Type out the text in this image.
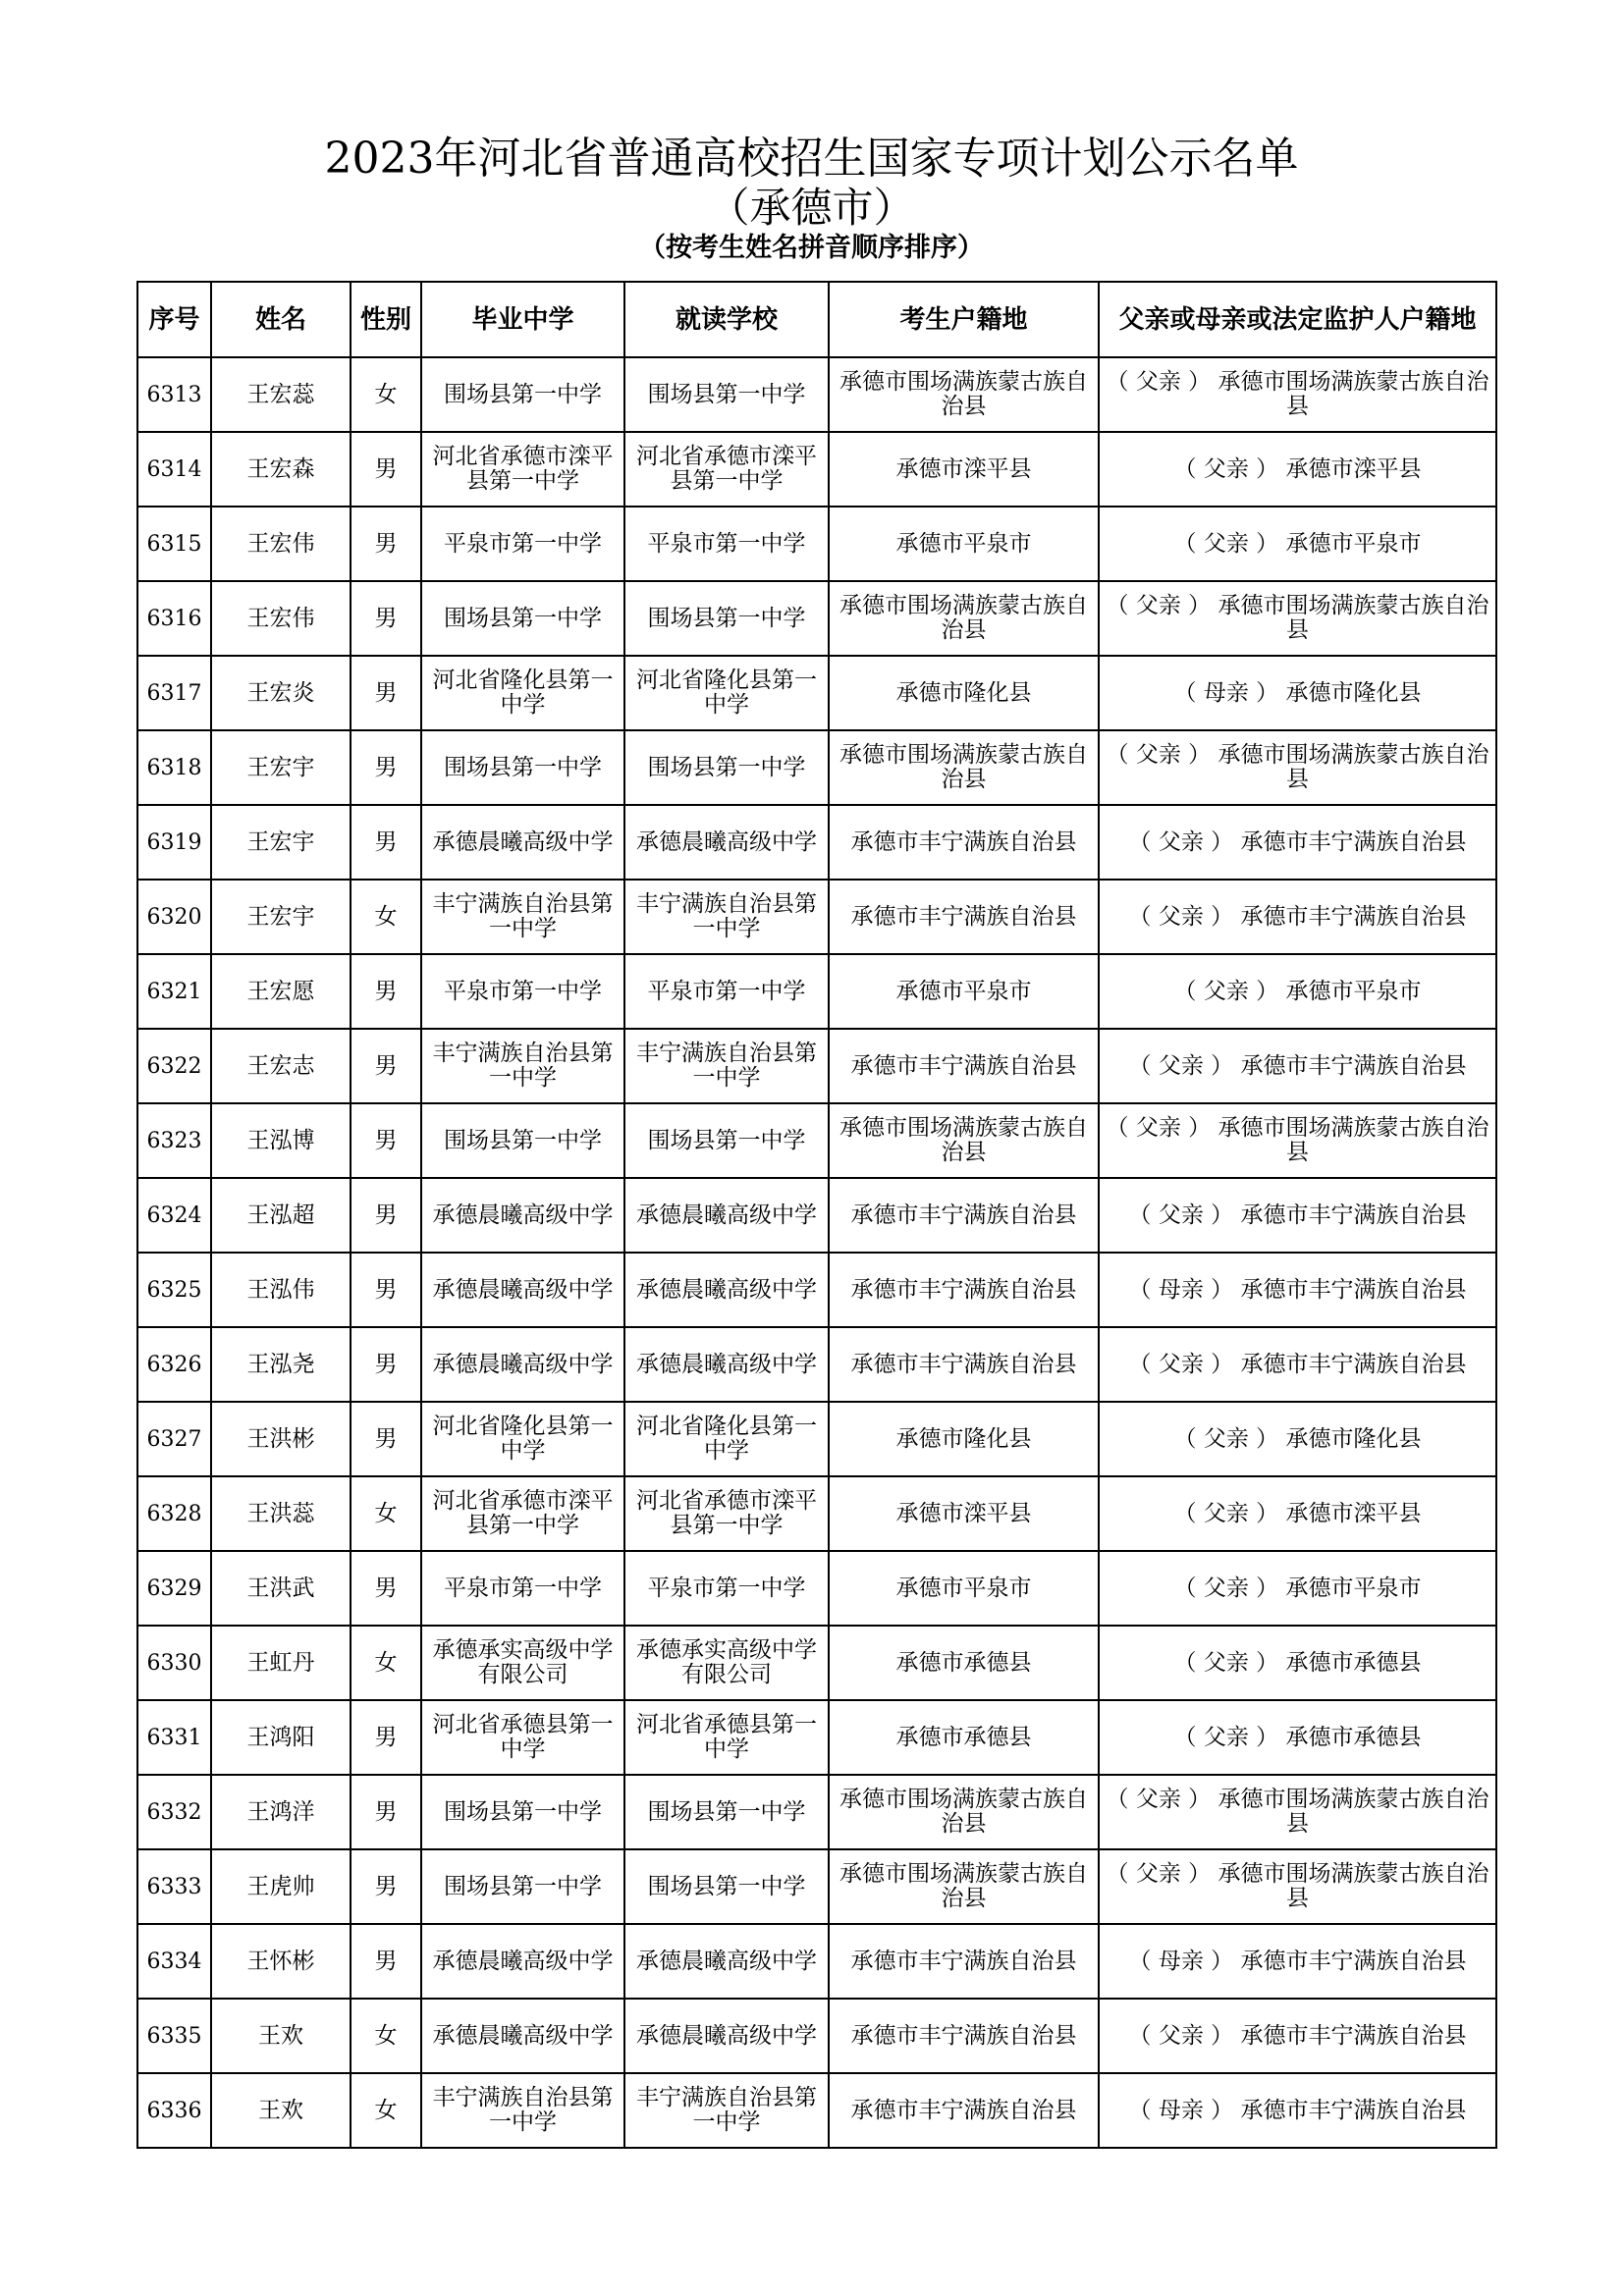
2023年河北省普通高校招生国家专项计划公示名单
（承德市）
（按考生姓名拼音顺序排序）
序号	姓名	性别	毕业中学	就读学校	考生户籍地	父亲或母亲或法定监护人户籍地
6313	王宏蕊	女	围场县第一中学	围场县第一中学	承德市围场满族蒙古族自治县	（ 父亲 ） 承德市围场满族蒙古族自治县
6314	王宏森	男	河北省承德市滦平县第一中学	河北省承德市滦平县第一中学	承德市滦平县	（ 父亲 ） 承德市滦平县
6315	王宏伟	男	平泉市第一中学	平泉市第一中学	承德市平泉市	（ 父亲 ） 承德市平泉市
6316	王宏伟	男	围场县第一中学	围场县第一中学	承德市围场满族蒙古族自治县	（ 父亲 ） 承德市围场满族蒙古族自治县
6317	王宏炎	男	河北省隆化县第一中学	河北省隆化县第一中学	承德市隆化县	（ 母亲 ） 承德市隆化县
6318	王宏宇	男	围场县第一中学	围场县第一中学	承德市围场满族蒙古族自治县	（ 父亲 ） 承德市围场满族蒙古族自治县
6319	王宏宇	男	承德晨曦高级中学	承德晨曦高级中学	承德市丰宁满族自治县	（ 父亲 ） 承德市丰宁满族自治县
6320	王宏宇	女	丰宁满族自治县第一中学	丰宁满族自治县第一中学	承德市丰宁满族自治县	（ 父亲 ） 承德市丰宁满族自治县
6321	王宏愿	男	平泉市第一中学	平泉市第一中学	承德市平泉市	（ 父亲 ） 承德市平泉市
6322	王宏志	男	丰宁满族自治县第一中学	丰宁满族自治县第一中学	承德市丰宁满族自治县	（ 父亲 ） 承德市丰宁满族自治县
6323	王泓博	男	围场县第一中学	围场县第一中学	承德市围场满族蒙古族自治县	（ 父亲 ） 承德市围场满族蒙古族自治县
6324	王泓超	男	承德晨曦高级中学	承德晨曦高级中学	承德市丰宁满族自治县	（ 父亲 ） 承德市丰宁满族自治县
6325	王泓伟	男	承德晨曦高级中学	承德晨曦高级中学	承德市丰宁满族自治县	（ 母亲 ） 承德市丰宁满族自治县
6326	王泓尧	男	承德晨曦高级中学	承德晨曦高级中学	承德市丰宁满族自治县	（ 父亲 ） 承德市丰宁满族自治县
6327	王洪彬	男	河北省隆化县第一中学	河北省隆化县第一中学	承德市隆化县	（ 父亲 ） 承德市隆化县
6328	王洪蕊	女	河北省承德市滦平县第一中学	河北省承德市滦平县第一中学	承德市滦平县	（ 父亲 ） 承德市滦平县
6329	王洪武	男	平泉市第一中学	平泉市第一中学	承德市平泉市	（ 父亲 ） 承德市平泉市
6330	王虹丹	女	承德承实高级中学有限公司	承德承实高级中学有限公司	承德市承德县	（ 父亲 ） 承德市承德县
6331	王鸿阳	男	河北省承德县第一中学	河北省承德县第一中学	承德市承德县	（ 父亲 ） 承德市承德县
6332	王鸿洋	男	围场县第一中学	围场县第一中学	承德市围场满族蒙古族自治县	（ 父亲 ） 承德市围场满族蒙古族自治县
6333	王虎帅	男	围场县第一中学	围场县第一中学	承德市围场满族蒙古族自治县	（ 父亲 ） 承德市围场满族蒙古族自治县
6334	王怀彬	男	承德晨曦高级中学	承德晨曦高级中学	承德市丰宁满族自治县	（ 母亲 ） 承德市丰宁满族自治县
6335	王欢	女	承德晨曦高级中学	承德晨曦高级中学	承德市丰宁满族自治县	（ 父亲 ） 承德市丰宁满族自治县
6336	王欢	女	丰宁满族自治县第一中学	丰宁满族自治县第一中学	承德市丰宁满族自治县	（ 母亲 ） 承德市丰宁满族自治县
